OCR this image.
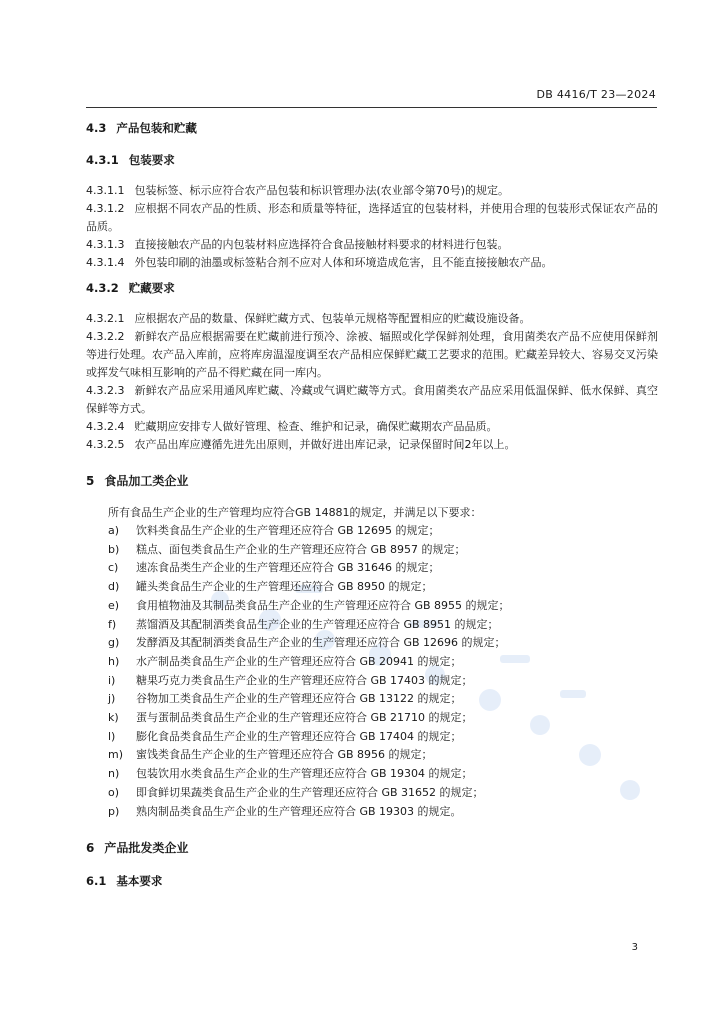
DB 4416/T 23—2024
4.3 产品包装和贮藏
4.3.1 包装要求

4.3.1.1 包装标签、标示应符合农产品包装和标识管理办法(农业部令第70号)的规定。

4.3.1.2 应根据不同农产品的性质、形态和质量等特征，选择适宜的包装材料，并使用合理的包装形式保证农产品的品质。

4.3.1.3 直接接触农产品的内包装材料应选择符合食品接触材料要求的材料进行包装。

4.3.1.4 外包装印刷的油墨或标签粘合剂不应对人体和环境造成危害，且不能直接接触农产品。

4.3.2 贮藏要求

4.3.2.1 应根据农产品的数量、保鲜贮藏方式、包装单元规格等配置相应的贮藏设施设备。

4.3.2.2 新鲜农产品应根据需要在贮藏前进行预冷、涂被、辐照或化学保鲜剂处理，食用菌类农产品不应使用保鲜剂等进行处理。农产品入库前，应将库房温湿度调至农产品相应保鲜贮藏工艺要求的范围。贮藏差异较大、容易交叉污染或挥发气味相互影响的产品不得贮藏在同一库内。

4.3.2.3 新鲜农产品应采用通风库贮藏、冷藏或气调贮藏等方式。食用菌类农产品应采用低温保鲜、低水保鲜、真空保鲜等方式。

4.3.2.4 贮藏期应安排专人做好管理、检查、维护和记录，确保贮藏期农产品品质。

4.3.2.5 农产品出库应遵循先进先出原则，并做好进出库记录，记录保留时间2年以上。

5 食品加工类企业

所有食品生产企业的生产管理均应符合GB 14881的规定，并满足以下要求：

a) 饮料类食品生产企业的生产管理还应符合 GB 12695 的规定；

b) 糕点、面包类食品生产企业的生产管理还应符合 GB 8957 的规定；

c) 速冻食品类生产企业的生产管理还应符合 GB 31646 的规定；

d) 罐头类食品生产企业的生产管理还应符合 GB 8950 的规定；

e) 食用植物油及其制品类食品生产企业的生产管理还应符合 GB 8955 的规定；

f) 蒸馏酒及其配制酒类食品生产企业的生产管理还应符合 GB 8951 的规定；

g) 发酵酒及其配制酒类食品生产企业的生产管理还应符合 GB 12696 的规定；

h) 水产制品类食品生产企业的生产管理还应符合 GB 20941 的规定；

i) 糖果巧克力类食品生产企业的生产管理还应符合 GB 17403 的规定；

j) 谷物加工类食品生产企业的生产管理还应符合 GB 13122 的规定；

k) 蛋与蛋制品类食品生产企业的生产管理还应符合 GB 21710 的规定；

l) 膨化食品类食品生产企业的生产管理还应符合 GB 17404 的规定；

m) 蜜饯类食品生产企业的生产管理还应符合 GB 8956 的规定；

n) 包装饮用水类食品生产企业的生产管理还应符合 GB 19304 的规定；

o) 即食鲜切果蔬类食品生产企业的生产管理还应符合 GB 31652 的规定；

p) 熟肉制品类食品生产企业的生产管理还应符合 GB 19303 的规定。

6 产品批发类企业
6.1 基本要求
3
